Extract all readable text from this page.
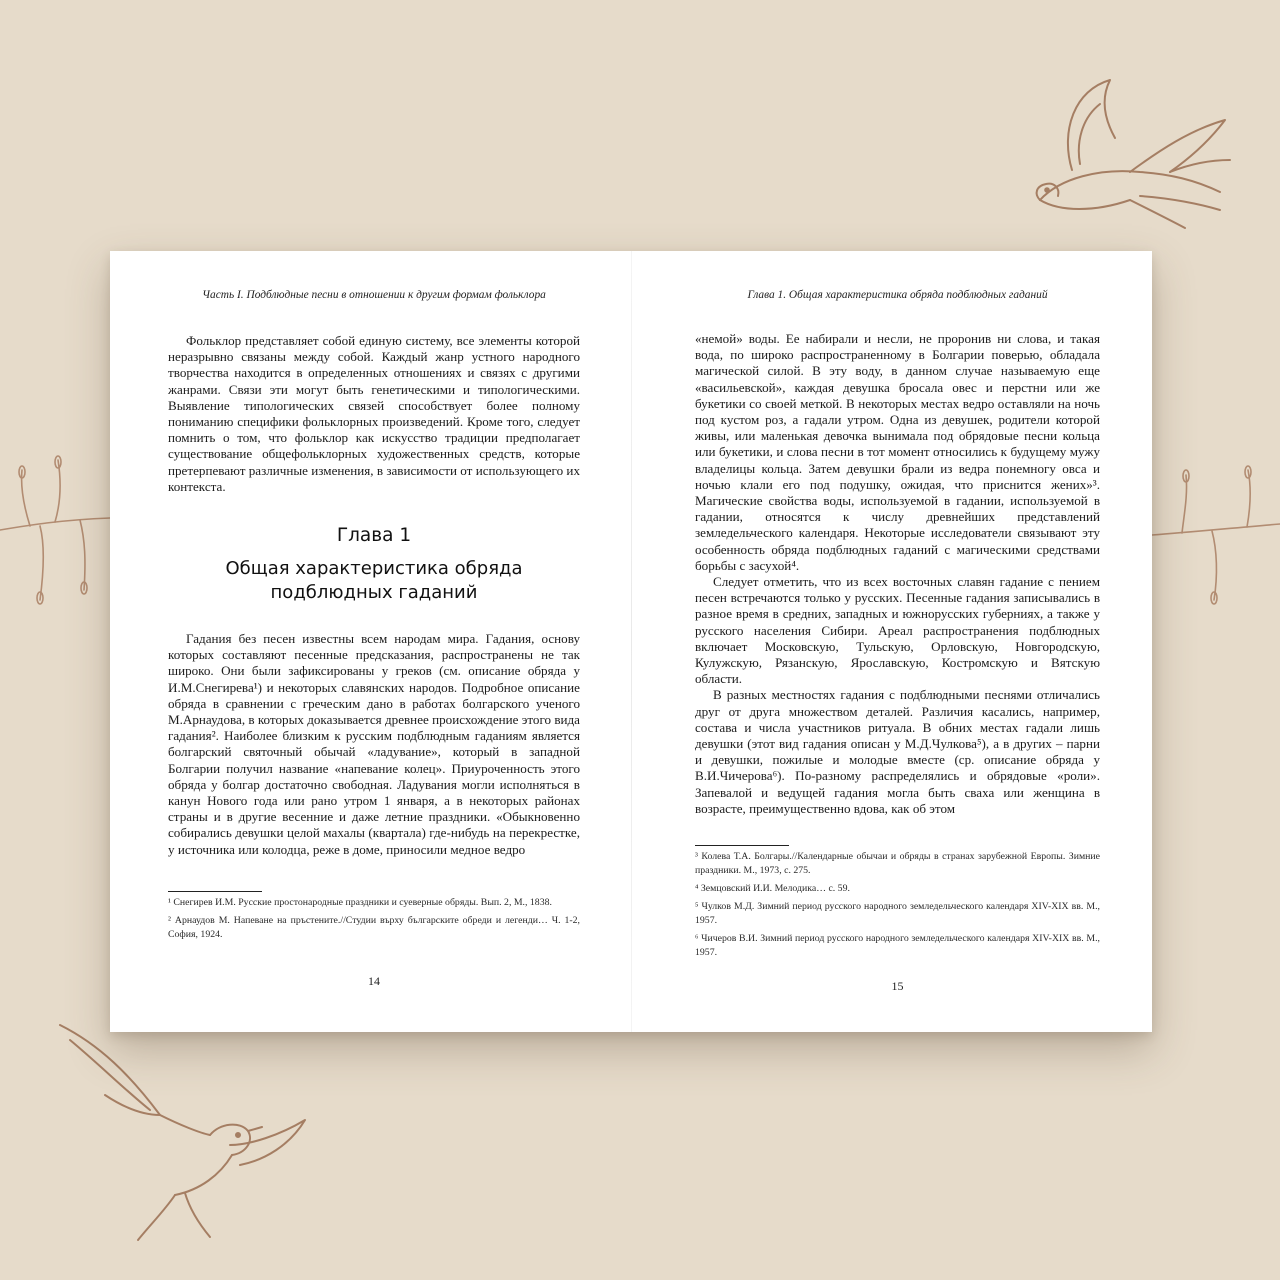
Часть I. Подблюдные песни в отношении к другим формам фольклора

Фольклор представляет собой единую систему, все элементы которой неразрывно связаны между собой. Каждый жанр устного народного творчества находится в определенных отношениях и связях с другими жанрами. Связи эти могут быть генетическими и типологическими. Выявление типологических связей способствует более полному пониманию специфики фольклорных произведений. Кроме того, следует помнить о том, что фольклор как искусство традиции предполагает существование общефольклорных художественных средств, которые претерпевают различные изменения, в зависимости от использующего их контекста.

Глава 1
Общая характеристика обряда подблюдных гаданий

Гадания без песен известны всем народам мира. Гадания, основу которых составляют песенные предсказания, распространены не так широко. Они были зафиксированы у греков (см. описание обряда у И.М.Снегирева¹) и некоторых славянских народов. Подробное описание обряда в сравнении с греческим дано в работах болгарского ученого М.Арнаудова, в которых доказывается древнее происхождение этого вида гадания². Наиболее близким к русским подблюдным гаданиям является болгарский святочный обычай «ладувание», который в западной Болгарии получил название «напевание колец». Приуроченность этого обряда у болгар достаточно свободная. Ладувания могли исполняться в канун Нового года или рано утром 1 января, а в некоторых районах страны и в другие весенние и даже летние праздники. «Обыкновенно собирались девушки целой махалы (квартала) где-нибудь на перекрестке, у источника или колодца, реже в доме, приносили медное ведро

¹ Снегирев И.М. Русские простонародные праздники и суеверные обряды. Вып. 2, М., 1838.

² Арнаудов М. Напеване на пръстените.//Студии върху българските обреди и легенди… Ч. 1-2, София, 1924.

14
Глава 1. Общая характеристика обряда подблюдных гаданий

«немой» воды. Ее набирали и несли, не проронив ни слова, и такая вода, по широко распространенному в Болгарии поверью, обладала магической силой. В эту воду, в данном случае называемую еще «васильевской», каждая девушка бросала овес и перстни или же букетики со своей меткой. В некоторых местах ведро оставляли на ночь под кустом роз, а гадали утром. Одна из девушек, родители которой живы, или маленькая девочка вынимала под обрядовые песни кольца или букетики, и слова песни в тот момент относились к будущему мужу владелицы кольца. Затем девушки брали из ведра понемногу овса и ночью клали его под подушку, ожидая, что приснится жених»³. Магические свойства воды, используемой в гадании, используемой в гадании, относятся к числу древнейших представлений земледельческого календаря. Некоторые исследователи связывают эту особенность обряда подблюдных гаданий с магическими средствами борьбы с засухой⁴.

Следует отметить, что из всех восточных славян гадание с пением песен встречаются только у русских. Песенные гадания записывались в разное время в средних, западных и южнорусских губерниях, а также у русского населения Сибири. Ареал распространения подблюдных включает Московскую, Тульскую, Орловскую, Новгородскую, Кулужскую, Рязанскую, Ярославскую, Костромскую и Вятскую области.

В разных местностях гадания с подблюдными песнями отличались друг от друга множеством деталей. Различия касались, например, состава и числа участников ритуала. В обних местах гадали лишь девушки (этот вид гадания описан у М.Д.Чулкова⁵), а в других – парни и девушки, пожилые и молодые вместе (ср. описание обряда у В.И.Чичерова⁶). По-разному распределялись и обрядовые «роли». Запевалой и ведущей гадания могла быть сваха или женщина в возрасте, преимущественно вдова, как об этом

³ Колева Т.А. Болгары.//Календарные обычаи и обряды в странах зарубежной Европы. Зимние праздники. М., 1973, с. 275.

⁴ Земцовский И.И. Мелодика… с. 59.

⁵ Чулков М.Д. Зимний период русского народного земледельческого календаря XIV-XIX вв. М., 1957.

⁶ Чичеров В.И. Зимний период русского народного земледельческого календаря XIV-XIX вв. М., 1957.

15
